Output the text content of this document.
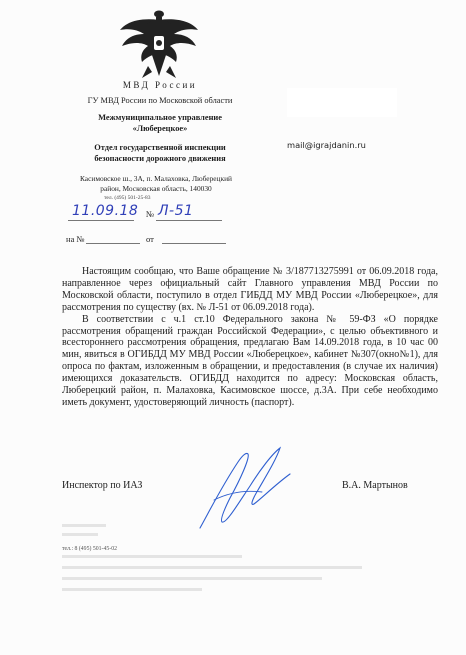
МВД России
ГУ МВД России по Московской области
Межмуниципальное управление
«Люберецкое»
Отдел государственной инспекции
безопасности дорожного движения
Касимовское ш., 3А, п. Малаховка, Люберецкий
район, Московская область, 140030
тел. (495) 501-25-83
mail@igrajdanin.ru
11.09.18 № Л-51
на №	от

Настоящим сообщаю, что Ваше обращение № 3/187713275991 от 06.09.2018 года, направленное через официальный сайт Главного управления МВД России по Московской области, поступило в отдел ГИБДД МУ МВД России «Люберецкое», для рассмотрения по существу (вх. № Л-51 от 06.09.2018 года).

В соответствии с ч.1 ст.10 Федерального закона № 59-ФЗ «О порядке рассмотрения обращений граждан Российской Федерации», с целью объективного и всестороннего рассмотрения обращения, предлагаю Вам 14.09.2018 года, в 10 час 00 мин, явиться в ОГИБДД МУ МВД России «Люберецкое», кабинет №307(окно№1), для опроса по фактам, изложенным в обращении, и предоставления (в случае их наличия) имеющихся доказательств. ОГИБДД находится по адресу: Московская область, Люберецкий район, п. Малаховка, Касимовское шоссе, д.3А. При себе необходимо иметь документ, удостоверяющий личность (паспорт).

Инспектор по ИАЗ	В.А. Мартынов
тел.: 8 (495) 501-45-02
